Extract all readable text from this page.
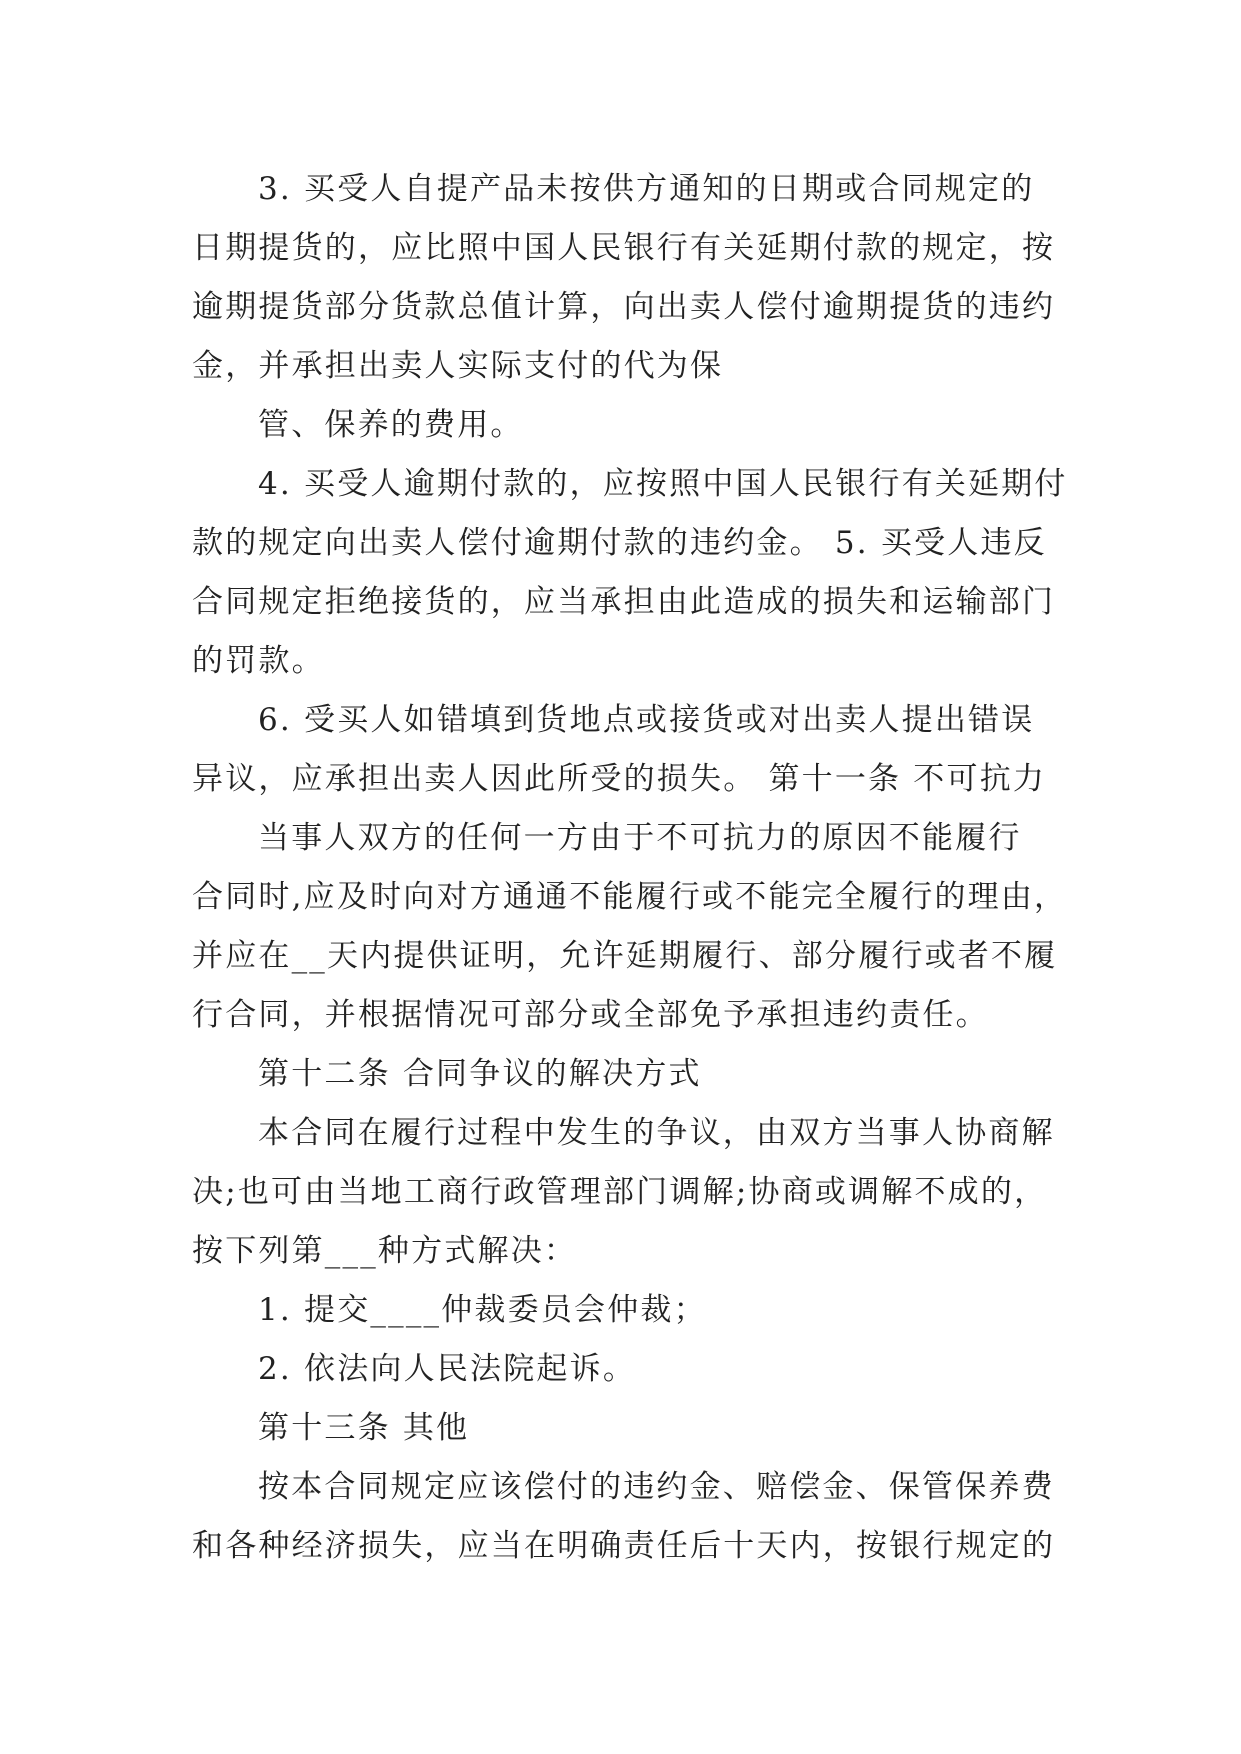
3. 买受人自提产品未按供方通知的日期或合同规定的
日期提货的，应比照中国人民银行有关延期付款的规定，按
逾期提货部分货款总值计算，向出卖人偿付逾期提货的违约
金，并承担出卖人实际支付的代为保
管、保养的费用。
4. 买受人逾期付款的，应按照中国人民银行有关延期付
款的规定向出卖人偿付逾期付款的违约金。 5. 买受人违反
合同规定拒绝接货的，应当承担由此造成的损失和运输部门
的罚款。
6. 受买人如错填到货地点或接货或对出卖人提出错误
异议，应承担出卖人因此所受的损失。 第十一条 不可抗力
当事人双方的任何一方由于不可抗力的原因不能履行
合同时,应及时向对方通通不能履行或不能完全履行的理由，
并应在__天内提供证明，允许延期履行、部分履行或者不履
行合同，并根据情况可部分或全部免予承担违约责任。
第十二条 合同争议的解决方式
本合同在履行过程中发生的争议，由双方当事人协商解
决;也可由当地工商行政管理部门调解;协商或调解不成的，
按下列第___种方式解决：
1. 提交____仲裁委员会仲裁；
2. 依法向人民法院起诉。
第十三条 其他
按本合同规定应该偿付的违约金、赔偿金、保管保养费
和各种经济损失，应当在明确责任后十天内，按银行规定的
